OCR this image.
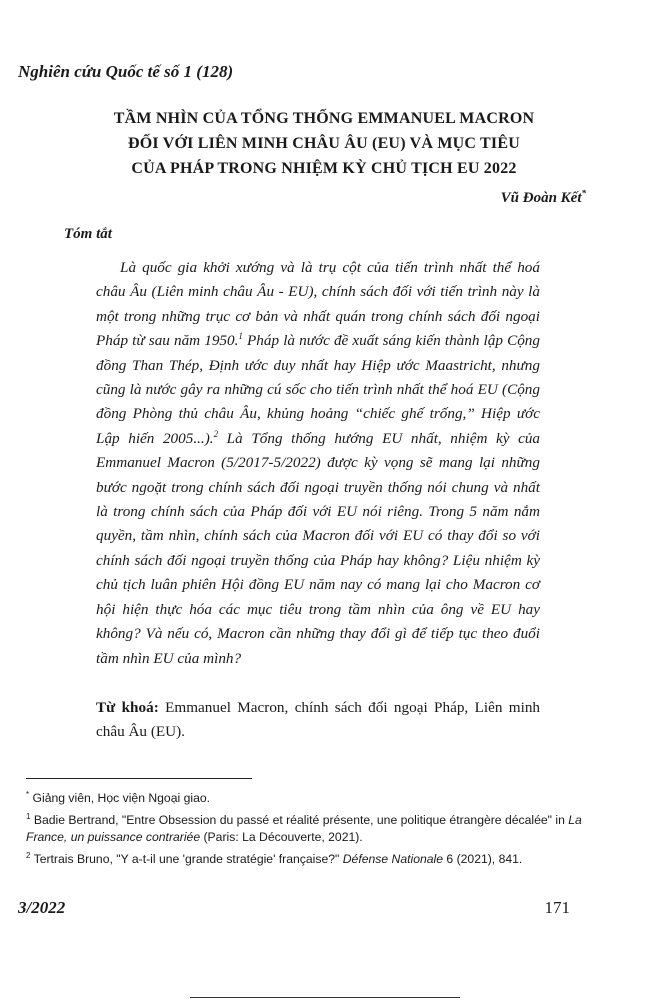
Nghiên cứu Quốc tế số 1 (128)
TẦM NHÌN CỦA TỔNG THỐNG EMMANUEL MACRON
ĐỐI VỚI LIÊN MINH CHÂU ÂU (EU) VÀ MỤC TIÊU
CỦA PHÁP TRONG NHIỆM KỲ CHỦ TỊCH EU 2022
Vũ Đoàn Kết*
Tóm tắt

Là quốc gia khởi xướng và là trụ cột của tiến trình nhất thể hoá châu Âu (Liên minh châu Âu - EU), chính sách đối với tiến trình này là một trong những trục cơ bản và nhất quán trong chính sách đối ngoại Pháp từ sau năm 1950.$^1$ Pháp là nước đề xuất sáng kiến thành lập Cộng đồng Than Thép, Định ước duy nhất hay Hiệp ước Maastricht, nhưng cũng là nước gây ra những cú sốc cho tiến trình nhất thể hoá EU (Cộng đồng Phòng thủ châu Âu, khủng hoảng “chiếc ghế trống,” Hiệp ước Lập hiến 2005...).$^2$ Là Tổng thống hướng EU nhất, nhiệm kỳ của Emmanuel Macron (5/2017-5/2022) được kỳ vọng sẽ mang lại những bước ngoặt trong chính sách đối ngoại truyền thống nói chung và nhất là trong chính sách của Pháp đối với EU nói riêng. Trong 5 năm nắm quyền, tầm nhìn, chính sách của Macron đối với EU có thay đổi so với chính sách đối ngoại truyền thống của Pháp hay không? Liệu nhiệm kỳ chủ tịch luân phiên Hội đồng EU năm nay có mang lại cho Macron cơ hội hiện thực hóa các mục tiêu trong tầm nhìn của ông về EU hay không? Và nếu có, Macron cần những thay đổi gì để tiếp tục theo đuổi tầm nhìn EU của mình?

Từ khoá: Emmanuel Macron, chính sách đối ngoại Pháp, Liên minh châu Âu (EU).

* Giảng viên, Học viện Ngoại giao.

$^1$ Badie Bertrand, "Entre Obsession du passé et réalité présente, une politique étrangère décalée" in La France, un puissance contrariée (Paris: La Découverte, 2021).

$^2$ Tertrais Bruno, "Y a-t-il une 'grande stratégie' française?" Défense Nationale 6 (2021), 841.

3/2022	171
